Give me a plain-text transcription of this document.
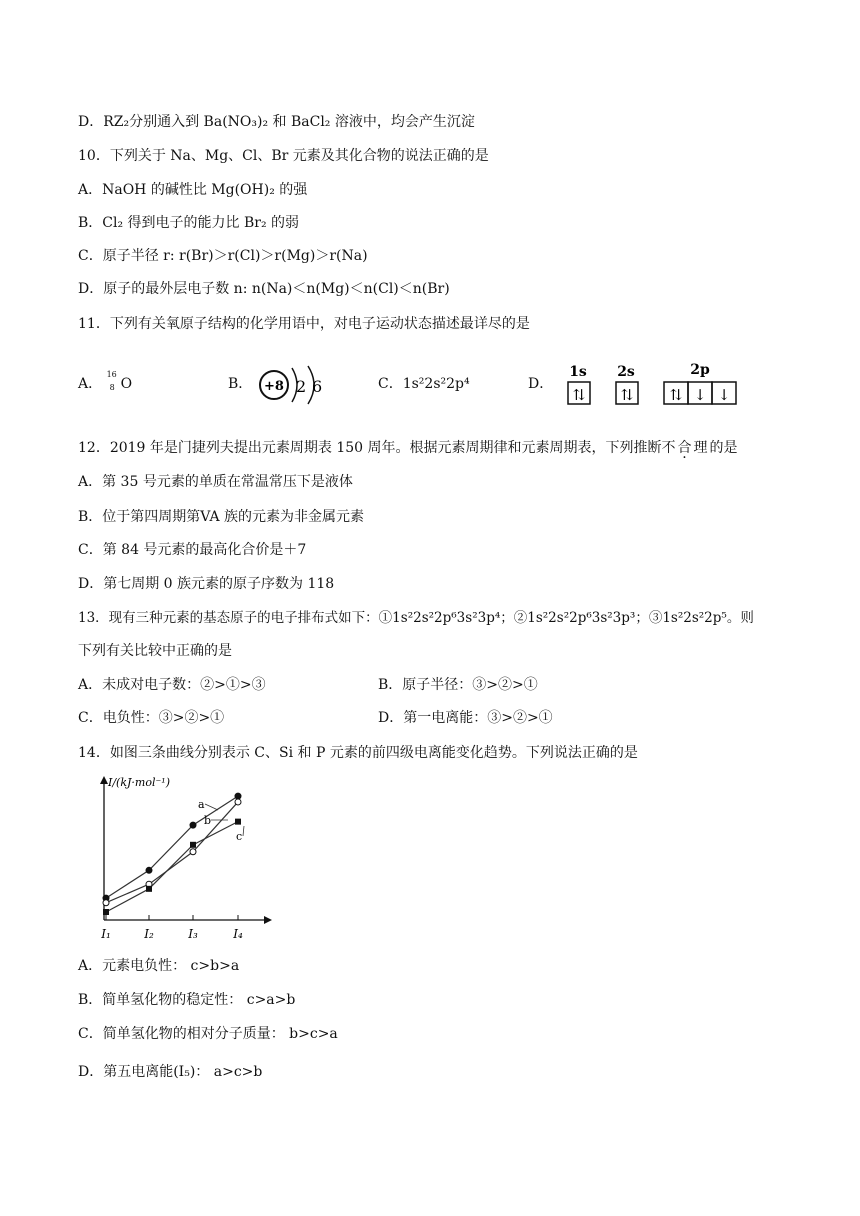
D．RZ₂分别通入到 Ba(NO₃)₂ 和 BaCl₂ 溶液中，均会产生沉淀
10．下列关于 Na、Mg、Cl、Br 元素及其化合物的说法正确的是
A．NaOH 的碱性比 Mg(OH)₂ 的强
B．Cl₂ 得到电子的能力比 Br₂ 的弱
C．原子半径 r: r(Br)＞r(Cl)＞r(Mg)＞r(Na)
D．原子的最外层电子数 n: n(Na)＜n(Mg)＜n(Cl)＜n(Br)
11．下列有关氧原子结构的化学用语中，对电子运动状态描述最详尽的是
A．
16
8 O	B． +8 2 6	C．1s²2s²2p⁴	D．
1s
⇅
2s
⇅
2p
⇅ ↓ ↓
12．2019 年是门捷列夫提出元素周期表 150 周年。根据元素周期律和元素周期表，下列推断不合理的是
A．第 35 号元素的单质在常温常压下是液体
B．位于第四周期第VA 族的元素为非金属元素
C．第 84 号元素的最高化合价是＋7
D．第七周期 0 族元素的原子序数为 118
13．现有三种元素的基态原子的电子排布式如下：①1s²2s²2p⁶3s²3p⁴；②1s²2s²2p⁶3s²3p³；③1s²2s²2p⁵。则
下列有关比较中正确的是
A．未成对电子数：②>①>③	B．原子半径：③>②>①
C．电负性：③>②>①	D．第一电离能：③>②>①
14．如图三条曲线分别表示 C、Si 和 P 元素的前四级电离能变化趋势。下列说法正确的是
I/(kJ·mol⁻¹)
I₁	I₂	I₃	I₄
a
b
c
A．元素电负性： c>b>a
B．简单氢化物的稳定性： c>a>b
C．简单氢化物的相对分子质量： b>c>a
D．第五电离能(I₅)： a>c>b
